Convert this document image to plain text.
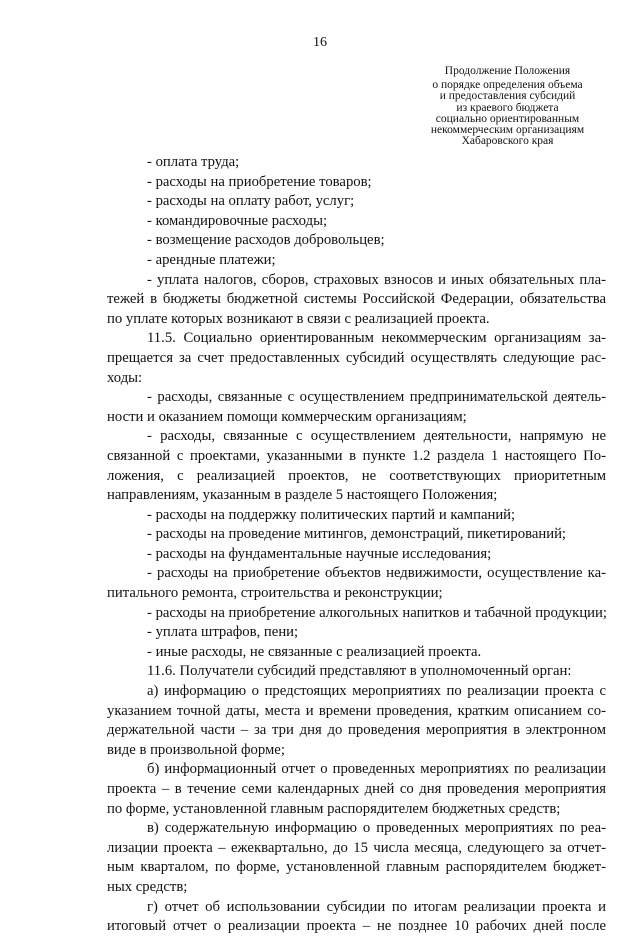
16
Продолжение Положения
о порядке определения объема
и предоставления субсидий
из краевого бюджета
социально ориентированным
некоммерческим организациям
Хабаровского края
- оплата труда;
- расходы на приобретение товаров;
- расходы на оплату работ, услуг;
- командировочные расходы;
- возмещение расходов добровольцев;
- арендные платежи;
- уплата налогов, сборов, страховых взносов и иных обязательных пла-
тежей в бюджеты бюджетной системы Российской Федерации, обязательства
по уплате которых возникают в связи с реализацией проекта.
11.5. Социально ориентированным некоммерческим организациям за-
прещается за счет предоставленных субсидий осуществлять следующие рас-
ходы:
- расходы, связанные с осуществлением предпринимательской деятель-
ности и оказанием помощи коммерческим организациям;
- расходы, связанные с осуществлением деятельности, напрямую не
связанной с проектами, указанными в пункте 1.2 раздела 1 настоящего По-
ложения, с реализацией проектов, не соответствующих приоритетным
направлениям, указанным в разделе 5 настоящего Положения;
- расходы на поддержку политических партий и кампаний;
- расходы на проведение митингов, демонстраций, пикетирований;
- расходы на фундаментальные научные исследования;
- расходы на приобретение объектов недвижимости, осуществление ка-
питального ремонта, строительства и реконструкции;
- расходы на приобретение алкогольных напитков и табачной продукции;
- уплата штрафов, пени;
- иные расходы, не связанные с реализацией проекта.
11.6. Получатели субсидий представляют в уполномоченный орган:
а) информацию о предстоящих мероприятиях по реализации проекта с
указанием точной даты, места и времени проведения, кратким описанием со-
держательной части – за три дня до проведения мероприятия в электронном
виде в произвольной форме;
б) информационный отчет о проведенных мероприятиях по реализации
проекта – в течение семи календарных дней со дня проведения мероприятия
по форме, установленной главным распорядителем бюджетных средств;
в) содержательную информацию о проведенных мероприятиях по реа-
лизации проекта – ежеквартально, до 15 числа месяца, следующего за отчет-
ным кварталом, по форме, установленной главным распорядителем бюджет-
ных средств;
г) отчет об использовании субсидии по итогам реализации проекта и
итоговый отчет о реализации проекта – не позднее 10 рабочих дней после
